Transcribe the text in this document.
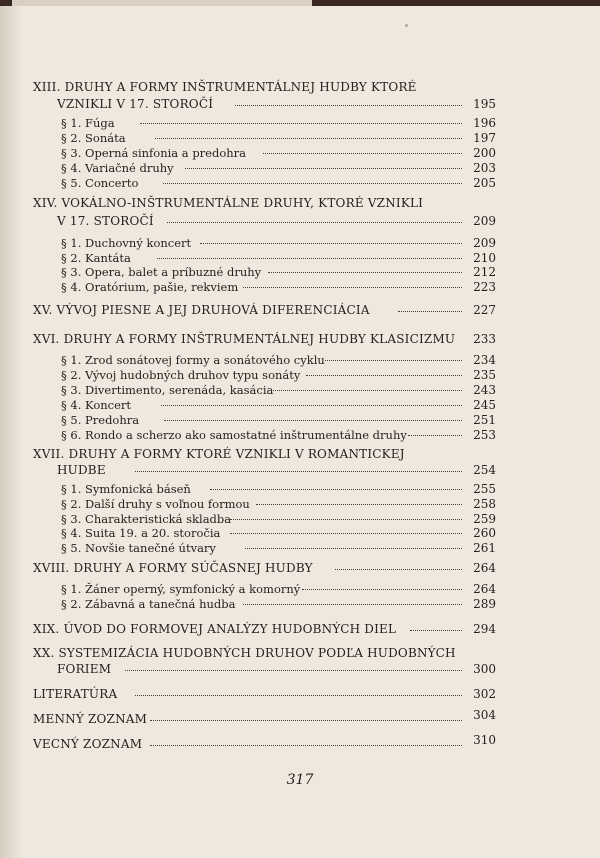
XIII. DRUHY A FORMY INŠTRUMENTÁLNEJ HUDBY KTORÉ
VZNIKLI V 17. STOROČÍ	195
§ 1. Fúga	196
§ 2. Sonáta	197
§ 3. Operná sinfonia a predohra	200
§ 4. Variačné druhy	203
§ 5. Concerto	205
XIV. VOKÁLNO-INŠTRUMENTÁLNE DRUHY, KTORÉ VZNIKLI
V 17. STOROČÍ	209
§ 1. Duchovný koncert	209
§ 2. Kantáta	210
§ 3. Opera, balet a príbuzné druhy	212
§ 4. Oratórium, pašie, rekviem	223
XV. VÝVOJ PIESNE A JEJ DRUHOVÁ DIFERENCIÁCIA	227
XVI. DRUHY A FORMY INŠTRUMENTÁLNEJ HUDBY KLASICIZMU 233
§ 1. Zrod sonátovej formy a sonátového cyklu	234
§ 2. Vývoj hudobných druhov typu sonáty	235
§ 3. Divertimento, serenáda, kasácia	243
§ 4. Koncert	245
§ 5. Predohra	251
§ 6. Rondo a scherzo ako samostatné inštrumentálne druhy	253
XVII. DRUHY A FORMY KTORÉ VZNIKLI V ROMANTICKEJ
HUDBE	254
§ 1. Symfonická báseň	255
§ 2. Další druhy s voľnou formou	258
§ 3. Charakteristická skladba	259
§ 4. Suita 19. a 20. storočia	260
§ 5. Novšie tanečné útvary	261
XVIII. DRUHY A FORMY SÚČASNEJ HUDBY	264
§ 1. Žáner operný, symfonický a komorný	264
§ 2. Zábavná a tanečná hudba	289
XIX. ÚVOD DO FORMOVEJ ANALÝZY HUDOBNÝCH DIEL	294
XX. SYSTEMIZÁCIA HUDOBNÝCH DRUHOV PODĽA HUDOBNÝCH
FORIEM	300
LITERATÚRA	302
MENNÝ ZOZNAM	304
VECNÝ ZOZNAM	310
317
